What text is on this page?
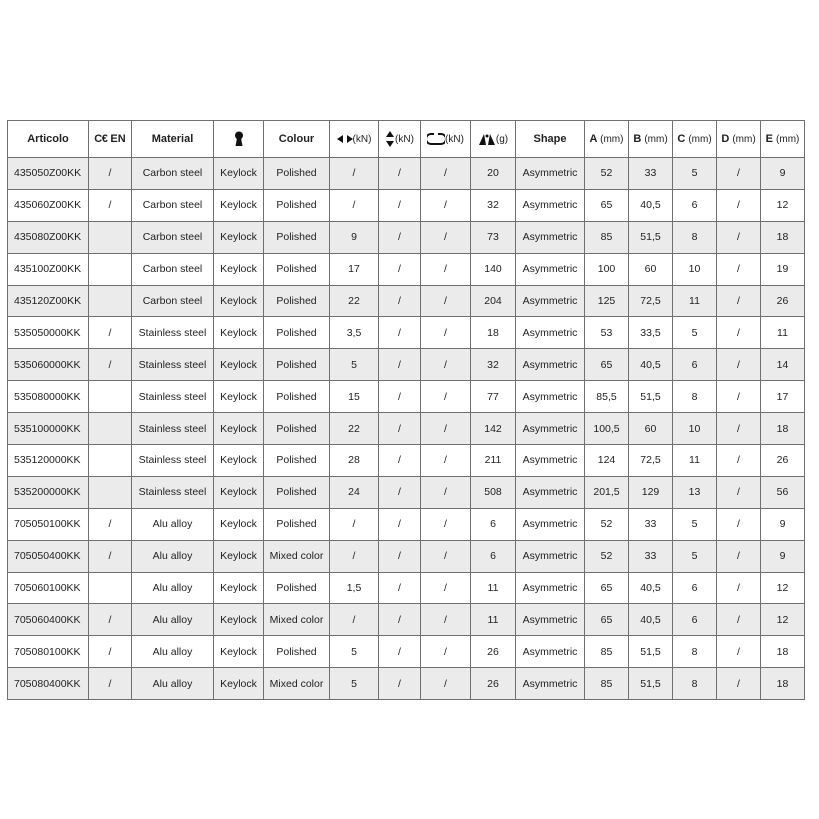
Articolo	C€ EN	Material		Colour	(kN)	(kN)	(kN)	(g)	Shape	A (mm)	B (mm)	C (mm)	D (mm)	E (mm)
435050Z00KK	/	Carbon steel	Keylock	Polished	/	/	/	20	Asymmetric	52	33	5	/	9
435060Z00KK	/	Carbon steel	Keylock	Polished	/	/	/	32	Asymmetric	65	40,5	6	/	12
435080Z00KK		Carbon steel	Keylock	Polished	9	/	/	73	Asymmetric	85	51,5	8	/	18
435100Z00KK		Carbon steel	Keylock	Polished	17	/	/	140	Asymmetric	100	60	10	/	19
435120Z00KK		Carbon steel	Keylock	Polished	22	/	/	204	Asymmetric	125	72,5	11	/	26
535050000KK	/	Stainless steel	Keylock	Polished	3,5	/	/	18	Asymmetric	53	33,5	5	/	11
535060000KK	/	Stainless steel	Keylock	Polished	5	/	/	32	Asymmetric	65	40,5	6	/	14
535080000KK		Stainless steel	Keylock	Polished	15	/	/	77	Asymmetric	85,5	51,5	8	/	17
535100000KK		Stainless steel	Keylock	Polished	22	/	/	142	Asymmetric	100,5	60	10	/	18
535120000KK		Stainless steel	Keylock	Polished	28	/	/	211	Asymmetric	124	72,5	11	/	26
535200000KK		Stainless steel	Keylock	Polished	24	/	/	508	Asymmetric	201,5	129	13	/	56
705050100KK	/	Alu alloy	Keylock	Polished	/	/	/	6	Asymmetric	52	33	5	/	9
705050400KK	/	Alu alloy	Keylock	Mixed color	/	/	/	6	Asymmetric	52	33	5	/	9
705060100KK		Alu alloy	Keylock	Polished	1,5	/	/	11	Asymmetric	65	40,5	6	/	12
705060400KK	/	Alu alloy	Keylock	Mixed color	/	/	/	11	Asymmetric	65	40,5	6	/	12
705080100KK	/	Alu alloy	Keylock	Polished	5	/	/	26	Asymmetric	85	51,5	8	/	18
705080400KK	/	Alu alloy	Keylock	Mixed color	5	/	/	26	Asymmetric	85	51,5	8	/	18
